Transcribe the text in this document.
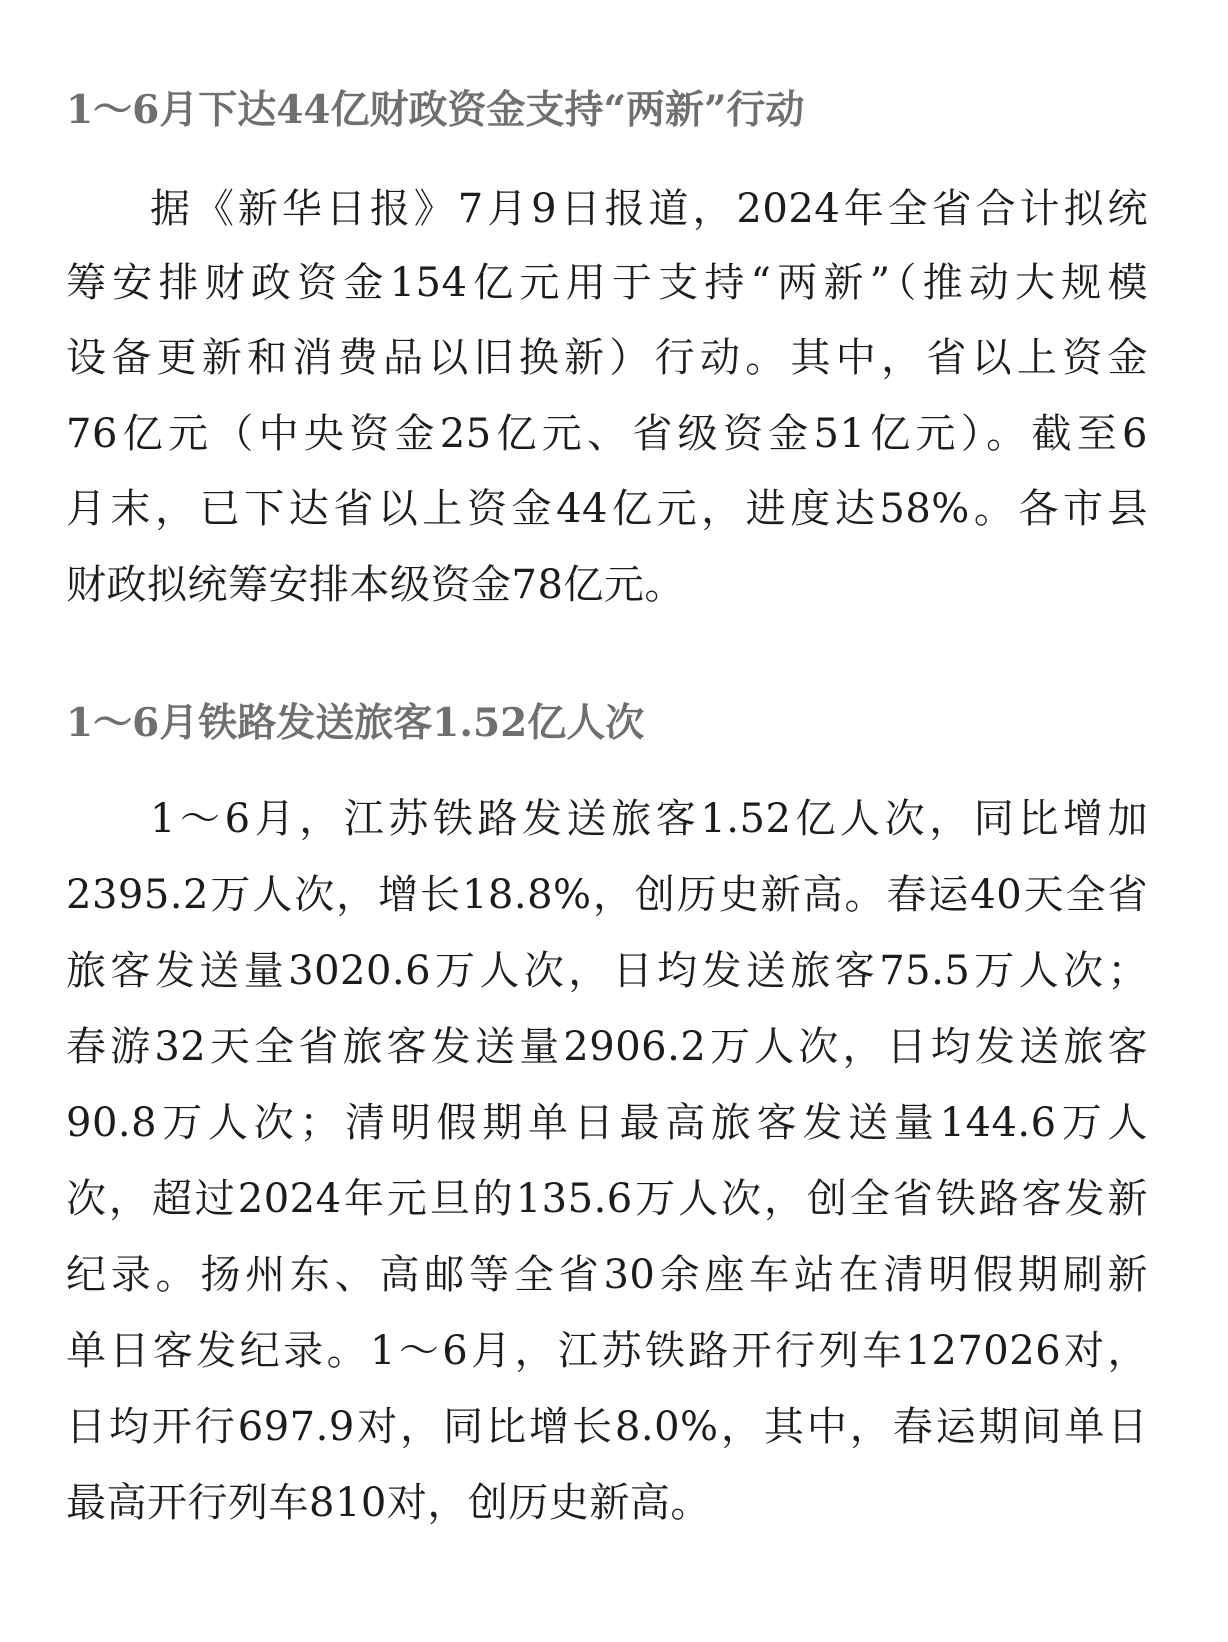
1～6月下达44亿财政资金支持“两新”行动

据《新华日报》7月9日报道，2024年全省合计拟统

筹安排财政资金154亿元用于支持“两新”（推动大规模

设备更新和消费品以旧换新）行动。其中，省以上资金

76亿元（中央资金25亿元、省级资金51亿元）。截至6

月末，已下达省以上资金44亿元，进度达58%。各市县

财政拟统筹安排本级资金78亿元。

1～6月铁路发送旅客1.52亿人次

1～6月，江苏铁路发送旅客1.52亿人次，同比增加

2395.2万人次，增长18.8%，创历史新高。春运40天全省

旅客发送量3020.6万人次，日均发送旅客75.5万人次；

春游32天全省旅客发送量2906.2万人次，日均发送旅客

90.8万人次；清明假期单日最高旅客发送量144.6万人

次，超过2024年元旦的135.6万人次，创全省铁路客发新

纪录。扬州东、高邮等全省30余座车站在清明假期刷新

单日客发纪录。1～6月，江苏铁路开行列车127026对，

日均开行697.9对，同比增长8.0%，其中，春运期间单日

最高开行列车810对，创历史新高。
